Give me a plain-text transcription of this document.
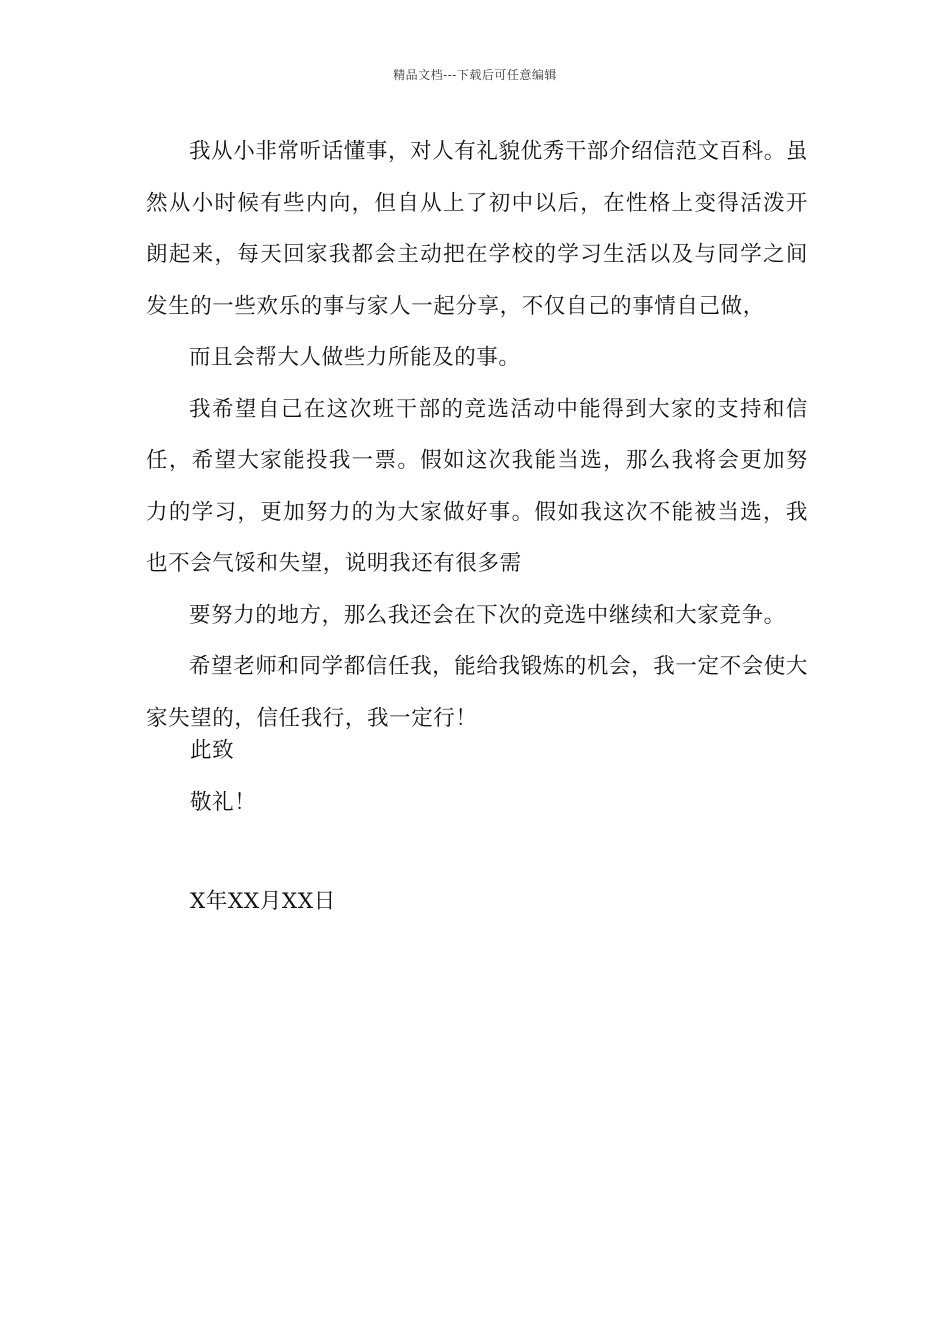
精品文档---下载后可任意编辑

我从小非常听话懂事，对人有礼貌优秀干部介绍信范文百科。虽然从小时候有些内向，但自从上了初中以后，在性格上变得活泼开朗起来，每天回家我都会主动把在学校的学习生活以及与同学之间发生的一些欢乐的事与家人一起分享，不仅自己的事情自己做，

而且会帮大人做些力所能及的事。

我希望自己在这次班干部的竞选活动中能得到大家的支持和信任，希望大家能投我一票。假如这次我能当选，那么我将会更加努力的学习，更加努力的为大家做好事。假如我这次不能被当选，我也不会气馁和失望，说明我还有很多需

要努力的地方，那么我还会在下次的竞选中继续和大家竞争。

希望老师和同学都信任我，能给我锻炼的机会，我一定不会使大家失望的，信任我行，我一定行！

此致
敬礼！
X年XX月XX日
